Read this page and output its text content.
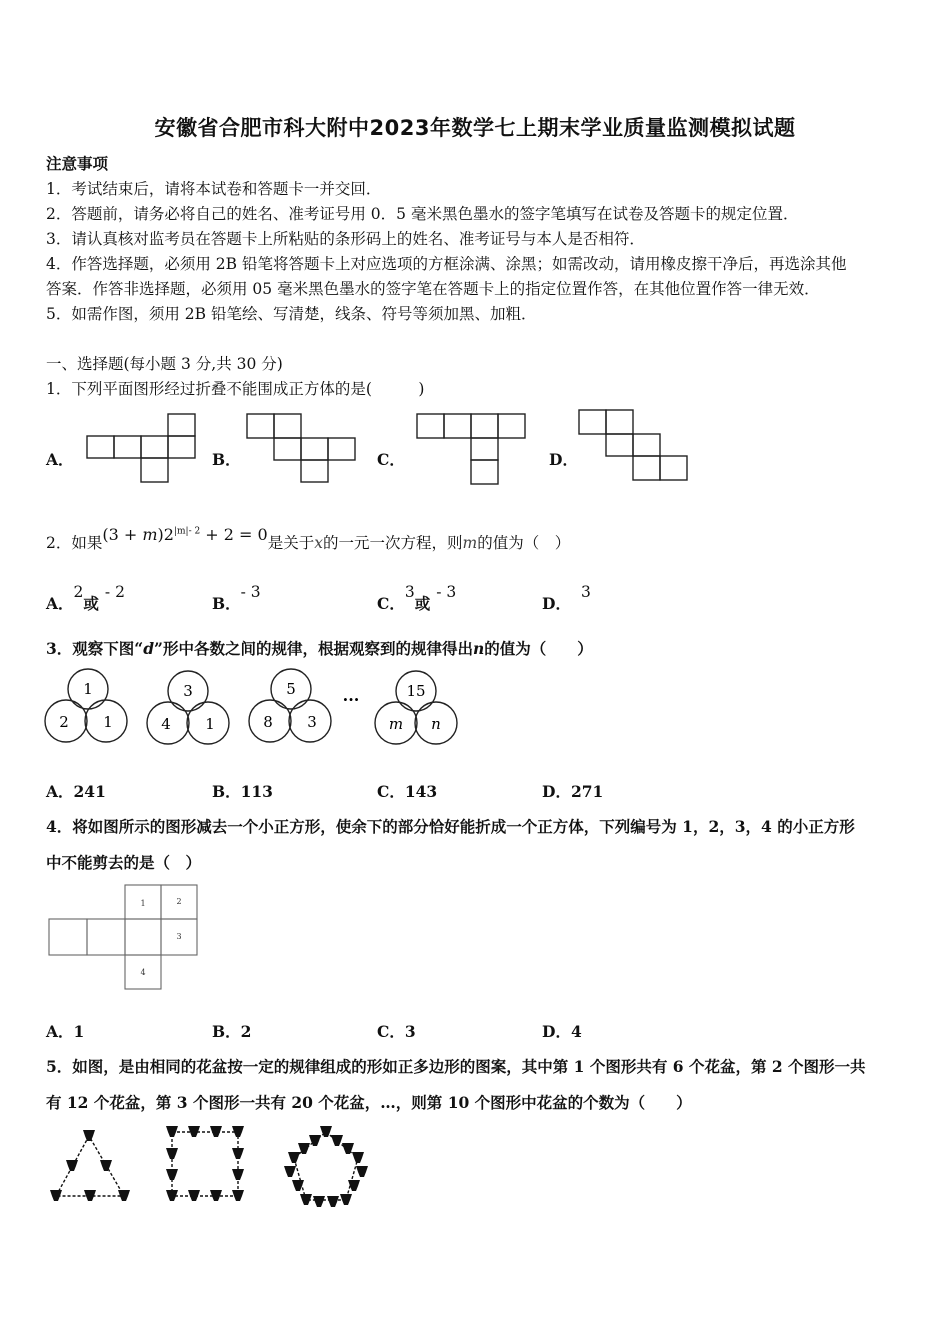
安徽省合肥市科大附中2023年数学七上期末学业质量监测模拟试题
注意事项
1．考试结束后，请将本试卷和答题卡一并交回．
2．答题前，请务必将自己的姓名、准考证号用 0．5 毫米黑色墨水的签字笔填写在试卷及答题卡的规定位置．
3．请认真核对监考员在答题卡上所粘贴的条形码上的姓名、准考证号与本人是否相符．
4．作答选择题，必须用 2B 铅笔将答题卡上对应选项的方框涂满、涂黑；如需改动，请用橡皮擦干净后，再选涂其他
答案．作答非选择题，必须用 05 毫米黑色墨水的签字笔在答题卡上的指定位置作答，在其他位置作答一律无效．
5．如需作图，须用 2B 铅笔绘、写清楚，线条、符号等须加黑、加粗．
一、选择题(每小题 3 分,共 30 分)
1．下列平面图形经过折叠不能围成正方体的是(　　　)
A．	B．	C．	D．
2．如果$(3 + m)2^{|m|- 2} + 2 = 0$是关于x的一元一次方程，则m的值为（　）
A．2或- 2
B．- 3
C．3或- 3
D．3
3．观察下图“d”形中各数之间的规律，根据观察到的规律得出n的值为（　　）
1
2 1
3
4 1
5
8 3
···	15
m n
A．241	B．113	C．143	D．271
4．将如图所示的图形减去一个小正方形，使余下的部分恰好能折成一个正方体，下列编号为 1，2，3，4 的小正方形
中不能剪去的是（　）
1	2
3
4
A．1	B．2	C．3	D．4
5．如图，是由相同的花盆按一定的规律组成的形如正多边形的图案，其中第 1 个图形共有 6 个花盆，第 2 个图形一共
有 12 个花盆，第 3 个图形一共有 20 个花盆，…，则第 10 个图形中花盆的个数为（　　）
